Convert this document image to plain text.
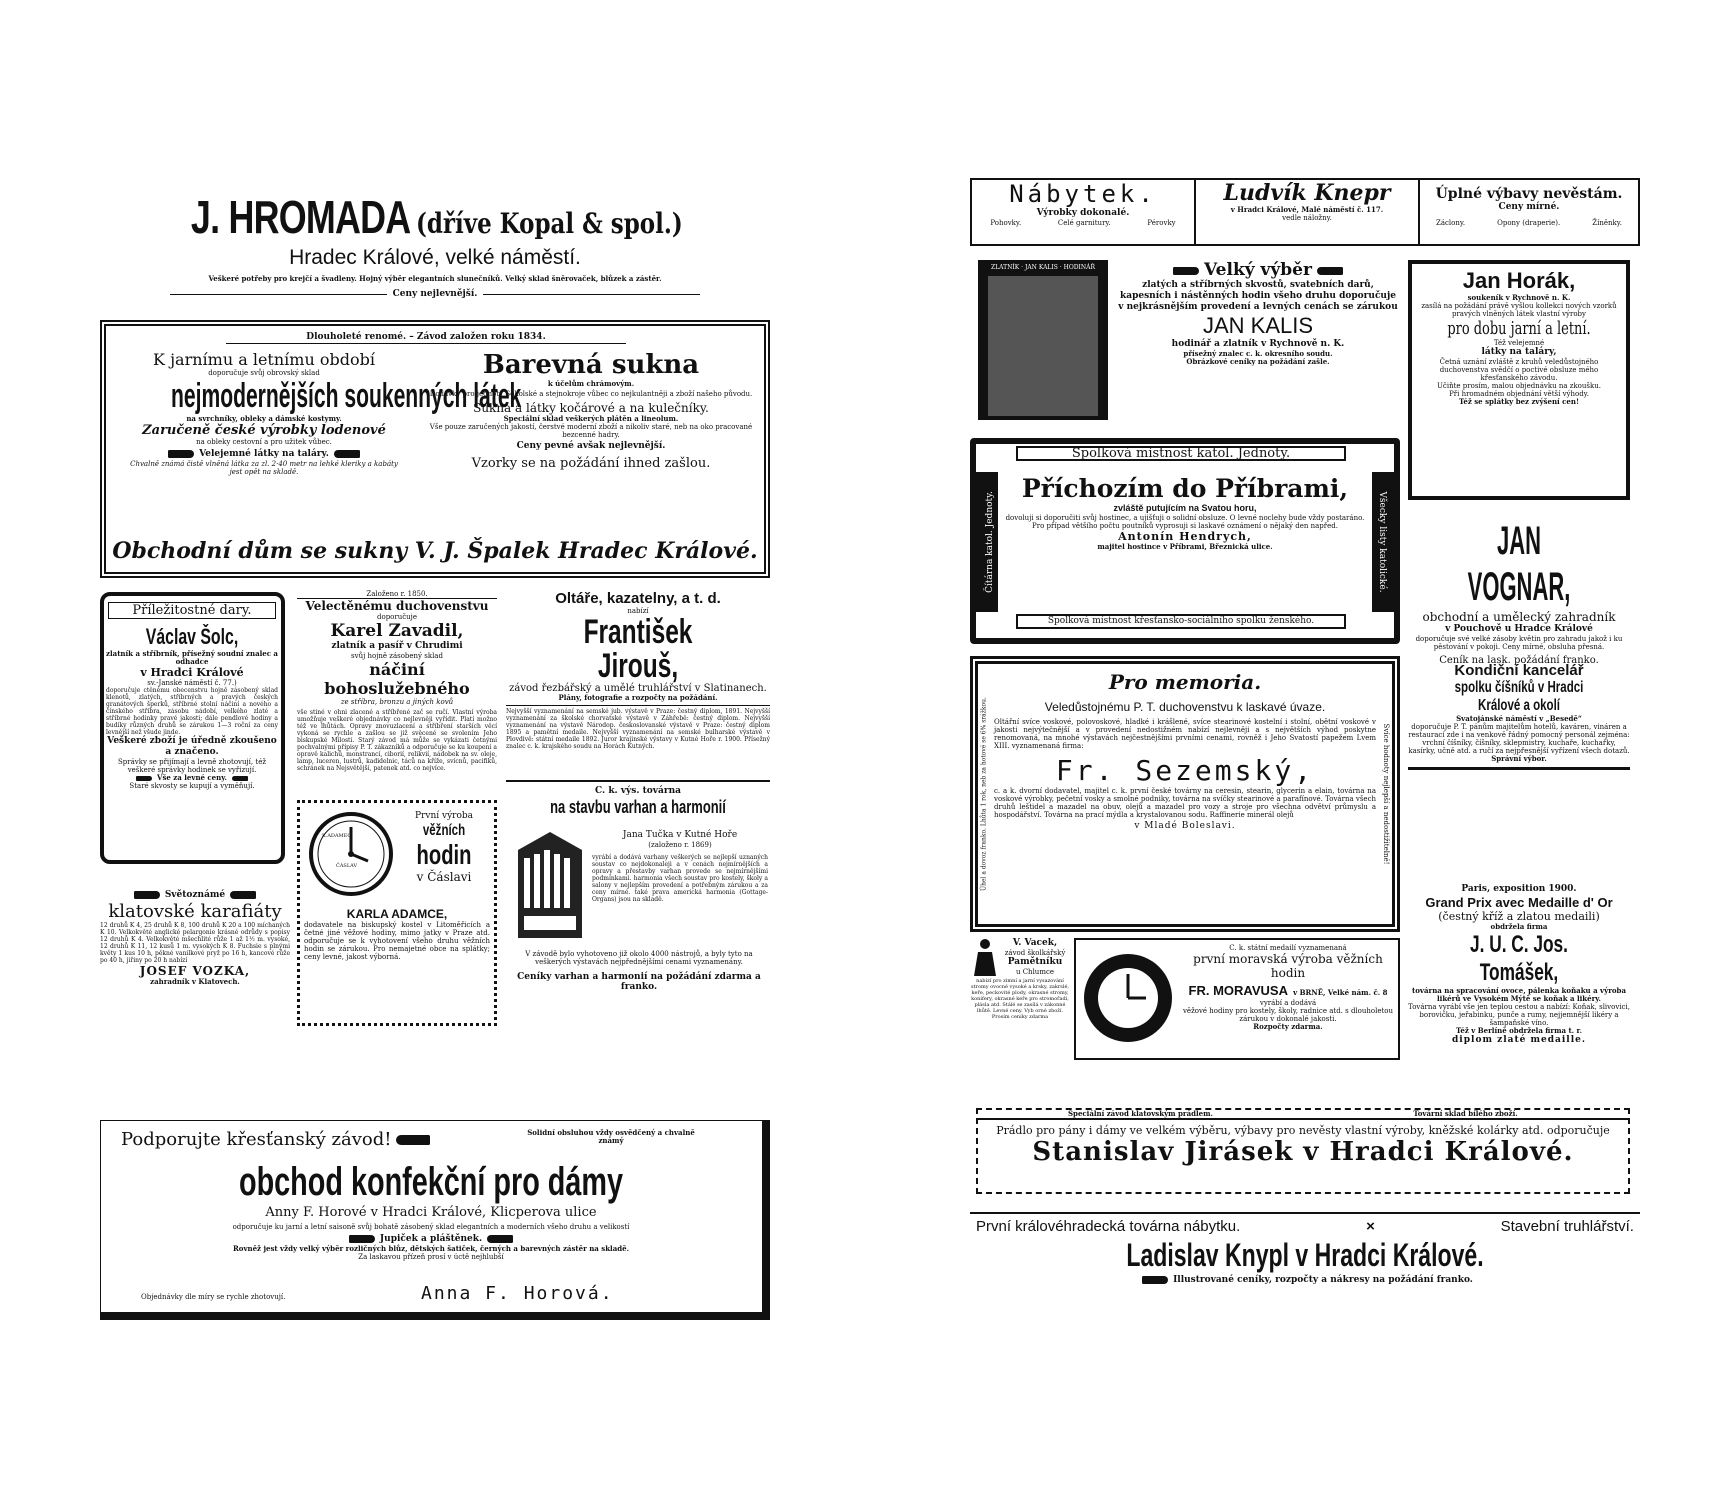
J. HROMADA (dříve Kopal & spol.)
Hradec Králové, velké náměstí.
Veškeré potřeby pro krejčí a švadleny. Hojný výběr elegantních slunečníků. Velký sklad šněrovaček, blůzek a zástěr.
Ceny nejlevnější.
Dlouholeté renomé. – Závod založen roku 1834.
K jarnímu a letnímu období
doporučuje svůj obrovský sklad
nejmodernějších soukenných látek
na svrchníky, obleky a dámské kostymy.
Zaručeně české výrobky lodenové
na obleky cestovní a pro užitek vůbec.
Veleјemné látky na taláry.
Chvalně známá čistě vlněná látka za zl. 2·40 metr na lehké kleriky a kabáty jest opět na skladě.
Barevná sukna
k účelům chrámovým.
Dodávky pro jednoty Sokolské a stejnokroje vůbec co nejkulantněji a zboží našeho původu.
Sukna a látky kočárové a na kulečníky.
Speciální sklad veškerých plátěn a lineolum.
Vše pouze zaručených jakostí, čerstvé moderní zboží a nikoliv staré, neb na oko pracované bezcenné hadry.
Ceny pevné avšak nejlevnější.
Vzorky se na požádání ihned zašlou.
Obchodní dům se sukny V. J. Špalek Hradec Králové.
Příležitostné dary.
Václav Šolc,
zlatník a stříbrník, přísežný soudní znalec a odhadce
v Hradci Králové
sv.-Janské náměstí č. 77.)
doporučuje ctěnému obecenstvu hojně zásobený sklad klenotů, zlatých, stříbrných a pravých českých granátových šperků, stříbrné stolní náčiní a nového a čínského stříbra, zásobu nádobí, velkého zlaté a stříbrné hodinky pravé jakosti; dále pendlové hodiny a budíky různých druhů se zárukou 1—3 roční za ceny levnější než všude jinde.
Veškeré zboží je úředně zkoušeno a značeno.
Správky se přijímají a levně zhotovují, též veškeré správky hodinek se vyřizují.
Vše za levné ceny.
Staré skvosty se kupují a vyměňují.
Světoznámé
klatovské karafiáty
12 druhů K 4, 25 druhů K 8, 100 druhů K 20 a 100 míchaných K 10. Velkokvěté anglické pelargonie krásné odrůdy s popisy 12 druhů K 4. Velkokvěté mšechlité růže 1 až 1½ m. vysoké, 12 druhů K 11, 12 kusů 1 m. vysokých K 8. Fuchsie s plnými květy 1 kus 10 h, pěkné vanilkové pryž po 16 h, kancové růže po 40 h, jiřiny po 20 h nabízí
JOSEF VOZKA,
zahradník v Klatovech.
Založeno r. 1850.
Velectěnému duchovenstvu
doporučuje
Karel Zavadil,
zlatník a pasíř v Chrudimi
svůj hojně zásobený sklad
náčiní bohoslužebného
ze stříbra, bronzu a jiných kovů
vše stiné v ohni zlacené a stříbřené zač se ručí. Vlastní výroba umožňuje veškeré objednávky co nejlevněji vyřídit. Platí možno též ve lhůtách. Opravy znovuzlacení a stříbření starších věcí vykoná se rychle a zašlou se již svěcené se svolením Jeho biskupské Milosti. Starý závod má může se vykázati četnými pochvalnými přípisy P. T. zákazníků a odporučuje se ku koupení a opravě kalichů, monstrancí, ciborií, relikvií, nádobek na sv. oleje, lamp, luceren, lustrů, kadidelnic, táců na kříže, svícnů, pacifiků, schránek na Nejsvětější, patenek atd. co nejvíce.
K.ADAMEC
ČÁSLAV
První výroba
věžních
hodin
v Čáslavi
KARLA ADAMCE,
dodavatele na biskupský kostel v Litoměřicích a četné jiné věžové hodiny, mimo jatky v Praze atd. odporučuje se k vyhotovení všeho druhu věžních hodin se zárukou. Pro nemajetné obce na splátky; ceny levné, jakost výborná.
Oltáře, kazatelny, a t. d.
nabízí
František Jirouš,
závod řezbářský a umělé truhlářství v Slatinanech.
Plány, fotografie a rozpočty na požádání.
Nejvyšší vyznamenání na semské jub. výstavě v Praze: čestný diplom, 1891. Nejvyšší vyznamenání za školské chorvatské výstavě v Záhřebě: čestný diplom. Nejvyšší vyznamenání na výstavě Národop. českoslovanské výstavě v Praze: čestný diplom 1895 a pamětní medaile. Nejvyšší vyznamenání na semské bulharské výstavě v Plovdivě: státní medaile 1892. Juror krajinské výstavy v Kutné Hoře r. 1900. Přísežný znalec c. k. krajského soudu na Horách Kutných.
C. k. výs. továrna
na stavbu varhan a harmonií
Jana Tučka v Kutné Hoře
(založeno r. 1869)
vyrábí a dodává varhany veškerých se nejlepší uznaných soustav co nejdokonaleji a v cenách nejmírnějších a opravy a přestavby varhan provede se nejmírnějšími podmínkami. harmonia všech soustav pro kostely, školy a salony v nejlepším provedení a potřebným zárukou a za ceny mírné. také prava americká harmonia (Gottage-Organs) jsou na skladě.
V závodě bylo vyhotoveno již okolo 4000 nástrojů, a byly tyto na veškerých výstavách nejpřednějšími cenami vyznamenány.
Ceníky varhan a harmonií na požádání zdarma a franko.
Podporujte křesťanský závod!	Solidní obsluhou vždy osvědčený a chvalně známý
obchod konfekční pro dámy
Anny F. Horové v Hradci Králové, Klicperova ulice
odporučuje ku jarní a letní saisoně svůj bohatě zásobený sklad elegantních a moderních všeho druhu a velikostí
Jupiček a pláštěnek.
Rovněž jest vždy velký výběr rozličných blůz, dětských šatiček, černých a barevných zástěr na skladě.
Za laskavou přízeň prosí v úctě nejhlubší
Objednávky dle míry se rychle zhotovují.	Anna F. Horová.
Nábytek.
Výrobky dokonalé.
Pohovky.	Celé garnitury.	Pérovky
Ludvík Knepr
v Hradci Králové, Malé náměstí č. 117.
vedle náložny.
Úplné výbavy nevěstám.
Ceny mírné.
Záclony.	Opony (draperie).	Žíněnky.
ZLATNÍK · JAN KALIS · HODINÁŘ	Velký výběr
zlatých a stříbrných skvostů, svatebních darů, kapesních i nástěnných hodin všeho druhu doporučuje v nejkrásnějším provedení a levných cenách se zárukou
JAN KALIS
hodinář a zlatník v Rychnově n. K.
přísežný znalec c. k. okresního soudu.
Obrázkové ceníky na požádání zašle.
Jan Horák,
soukeník v Rychnově n. K.
zasílá na požádání právě vyšlou kollekci nových vzorků pravých vlněných látek vlastní výroby
pro dobu jarní a letní.
Též velejemné
látky na taláry,
Četná uznání zvláště z kruhů veledůstojného duchovenstva svědčí o poctivé obsluze mého křesťanského závodu.
Učiňte prosím, malou objednávku na zkoušku.
Při hromadném objednání větší výhody.
Též se splátky bez zvýšení cen!
Spolková místnost katol. Jednoty.
Čítárna katol. Jednoty.	Všecky listy katolické.
Příchozím do Příbrami,
zvláště putujícím na Svatou horu,
dovoluji si doporučiti svůj hostinec, a ujišťuji o solidní obsluze. O levné noclehy bude vždy postaráno. Pro případ většího počtu poutníků vyprosuji si laskavé oznámení o nějaký den napřed.
Antonín Hendrych,
majitel hostince v Příbrami, Březnická ulice.
Spolková místnost křesťansko-sociálního spolku ženského.
JAN VOGNAR,
obchodní a umělecký zahradník
v Pouchově u Hradce Králové
doporučuje své velké zásoby květin pro zahradu jakož i ku pěstování v pokoji. Ceny mírné, obsluha přesná.
Ceník na lask. požádání franko.
Úhel a dovoz franko. Lhůta 1 rok, neb za hotové se 6% srážkou.	Svíce hodnoty nejlepší a nedostižitelné!
Pro memoria.
Veledůstojnému P. T. duchovenstvu k laskavé úvaze.
Oltářní svíce voskové, polovoskové, hladké i krášlené, svíce stearinové kostelní i stolní, obětní voskové v jakosti nejvýtečnější a v provedení nedostižném nabízí nejlevněji a s největších výhod poskytne renomovaná, na mnohé výstavách nejčestnějšími prvními cenami, rovněž i Jeho Svatostí papežem Lvem XIII. vyznamenaná firma:
Fr. Sezemský,
c. a k. dvorní dodavatel, majitel c. k. první české továrny na ceresin, stearin, glycerin a elain, továrna na voskové výrobky, pečetní vosky a smolné podniky, továrna na svíčky stearinové a parafínové. Továrna všech druhů leštidel a mazadel na obuv, olejů a mazadel pro vozy a stroje pro všechna odvětví průmyslu a hospodářství. Továrna na prací mýdla a krystalovanou sodu. Raffinerie minerál olejů
v Mladé Boleslavi.
Kondiční kancelář
spolku číšníků v Hradci Králové a okolí
Svatojánské náměstí v „Besedě“
doporučuje P. T. pánům majitelům hotelů, kaváren, vináren a restaurací zde i na venkově řádný pomocný personál zejména: vrchní číšníky, číšníky, sklepmistry, kuchaře, kuchařky, kasírky, učně atd. a ručí za nejpřesnější vyřízení všech dotazů.
Správní výbor.
V. Vacek,
závod školkářský
Pamětníku
u Chlumce
nabízí pro zimní a jarní vysazování stromy ovocné vysoké a krsky, zakrslé, keře, peckovité plody, okrasné stromy, konifery, okrasné keře pro stromořadí, plásla atd. Stálé se zasílá v zákonné lhůtě. Levné ceny. Vyb orné zboží. Prosím ceníky zdarma
C. k. státní medailí vyznamenaná
první moravská výroba věžních hodin
FR. MORAVUSA v BRNĚ, Velké nám. č. 8
vyrábí a dodává
věžové hodiny pro kostely, školy, radnice atd. s dlouholetou zárukou v dokonalé jakosti.
Rozpočty zdarma.
Paris, exposition 1900.
Grand Prix avec Medaille d' Or
(čestný kříž a zlatou medaili)
obdržela firma
J. U. C. Jos. Tomášek,
továrna na spracování ovoce, pálenka koňaku a výroba likérů ve Vysokém Mýtě se koňak a likéry.
Továrna vyrábí vše jen teplou cestou a nabízí: Koňak, slivovici, borovičku, jeřabinku, punče a rumy, nejjemnější likéry a šampaňské víno.
Též v Berlíně obdržela firma t. r.
diplom zlaté medaille.
Speciální závod klatovským prádlem.	Tovární sklad bílého zboží.
Prádlo pro pány i dámy ve velkém výběru, výbavy pro nevěsty vlastní výroby, kněžské kolárky atd. odporučuje
Stanislav Jirásek v Hradci Králové.
První královéhradecká továrna nábytku.	×	Stavební truhlářství.
Ladislav Knypl v Hradci Králové.
Illustrované ceníky, rozpočty a nákresy na požádání franko.
